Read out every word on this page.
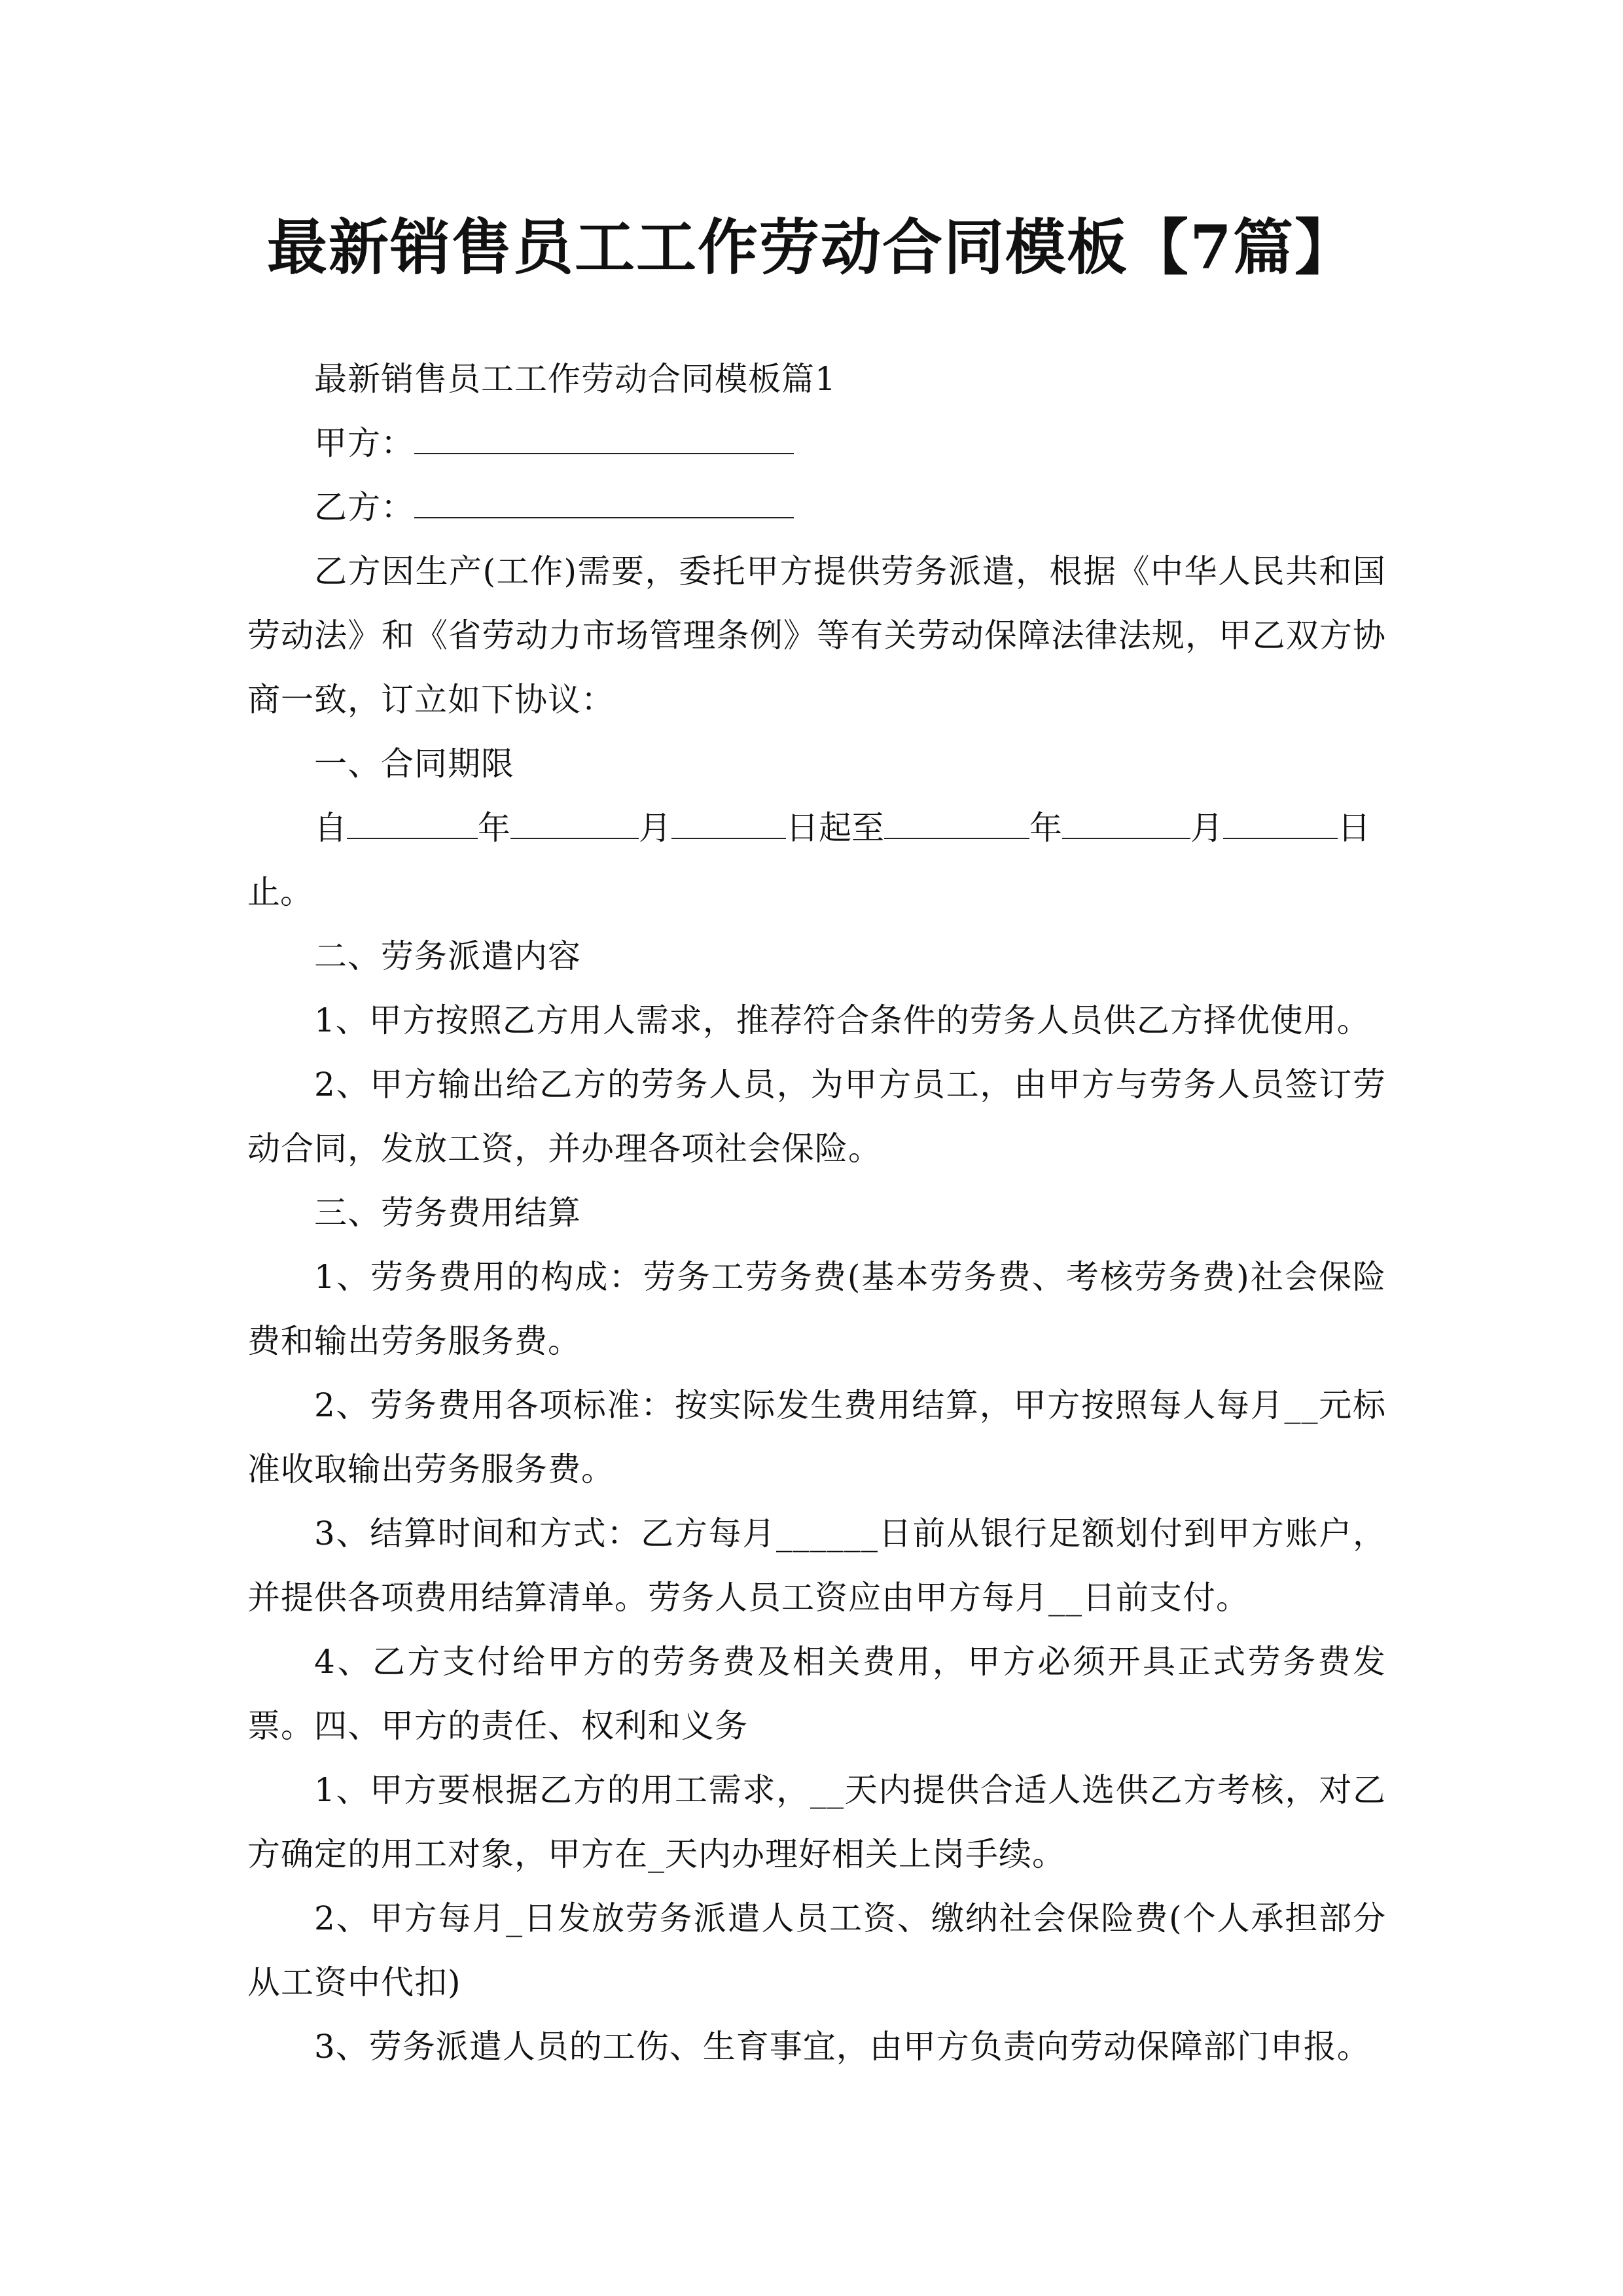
最新销售员工工作劳动合同模板【7篇】

最新销售员工工作劳动合同模板篇1

甲方：

乙方：

乙方因生产(工作)需要，委托甲方提供劳务派遣，根据《中华人民共和国劳动法》和《省劳动力市场管理条例》等有关劳动保障法律法规，甲乙双方协商一致，订立如下协议：

一、合同期限

自	年	月	日起至	年	月	日
止。

二、劳务派遣内容

1、甲方按照乙方用人需求，推荐符合条件的劳务人员供乙方择优使用。

2、甲方输出给乙方的劳务人员，为甲方员工，由甲方与劳务人员签订劳动合同，发放工资，并办理各项社会保险。

三、劳务费用结算

1、劳务费用的构成：劳务工劳务费(基本劳务费、考核劳务费)社会保险费和输出劳务服务费。

2、劳务费用各项标准：按实际发生费用结算，甲方按照每人每月__元标准收取输出劳务服务费。

3、结算时间和方式：乙方每月______日前从银行足额划付到甲方账户，并提供各项费用结算清单。劳务人员工资应由甲方每月__日前支付。

4、乙方支付给甲方的劳务费及相关费用，甲方必须开具正式劳务费发票。 四、甲方的责任、权利和义务

1、甲方要根据乙方的用工需求，__天内提供合适人选供乙方考核，对乙方确定的用工对象，甲方在_天内办理好相关上岗手续。

2、甲方每月_日发放劳务派遣人员工资、缴纳社会保险费(个人承担部分从工资中代扣)

3、劳务派遣人员的工伤、生育事宜，由甲方负责向劳动保障部门申报。
